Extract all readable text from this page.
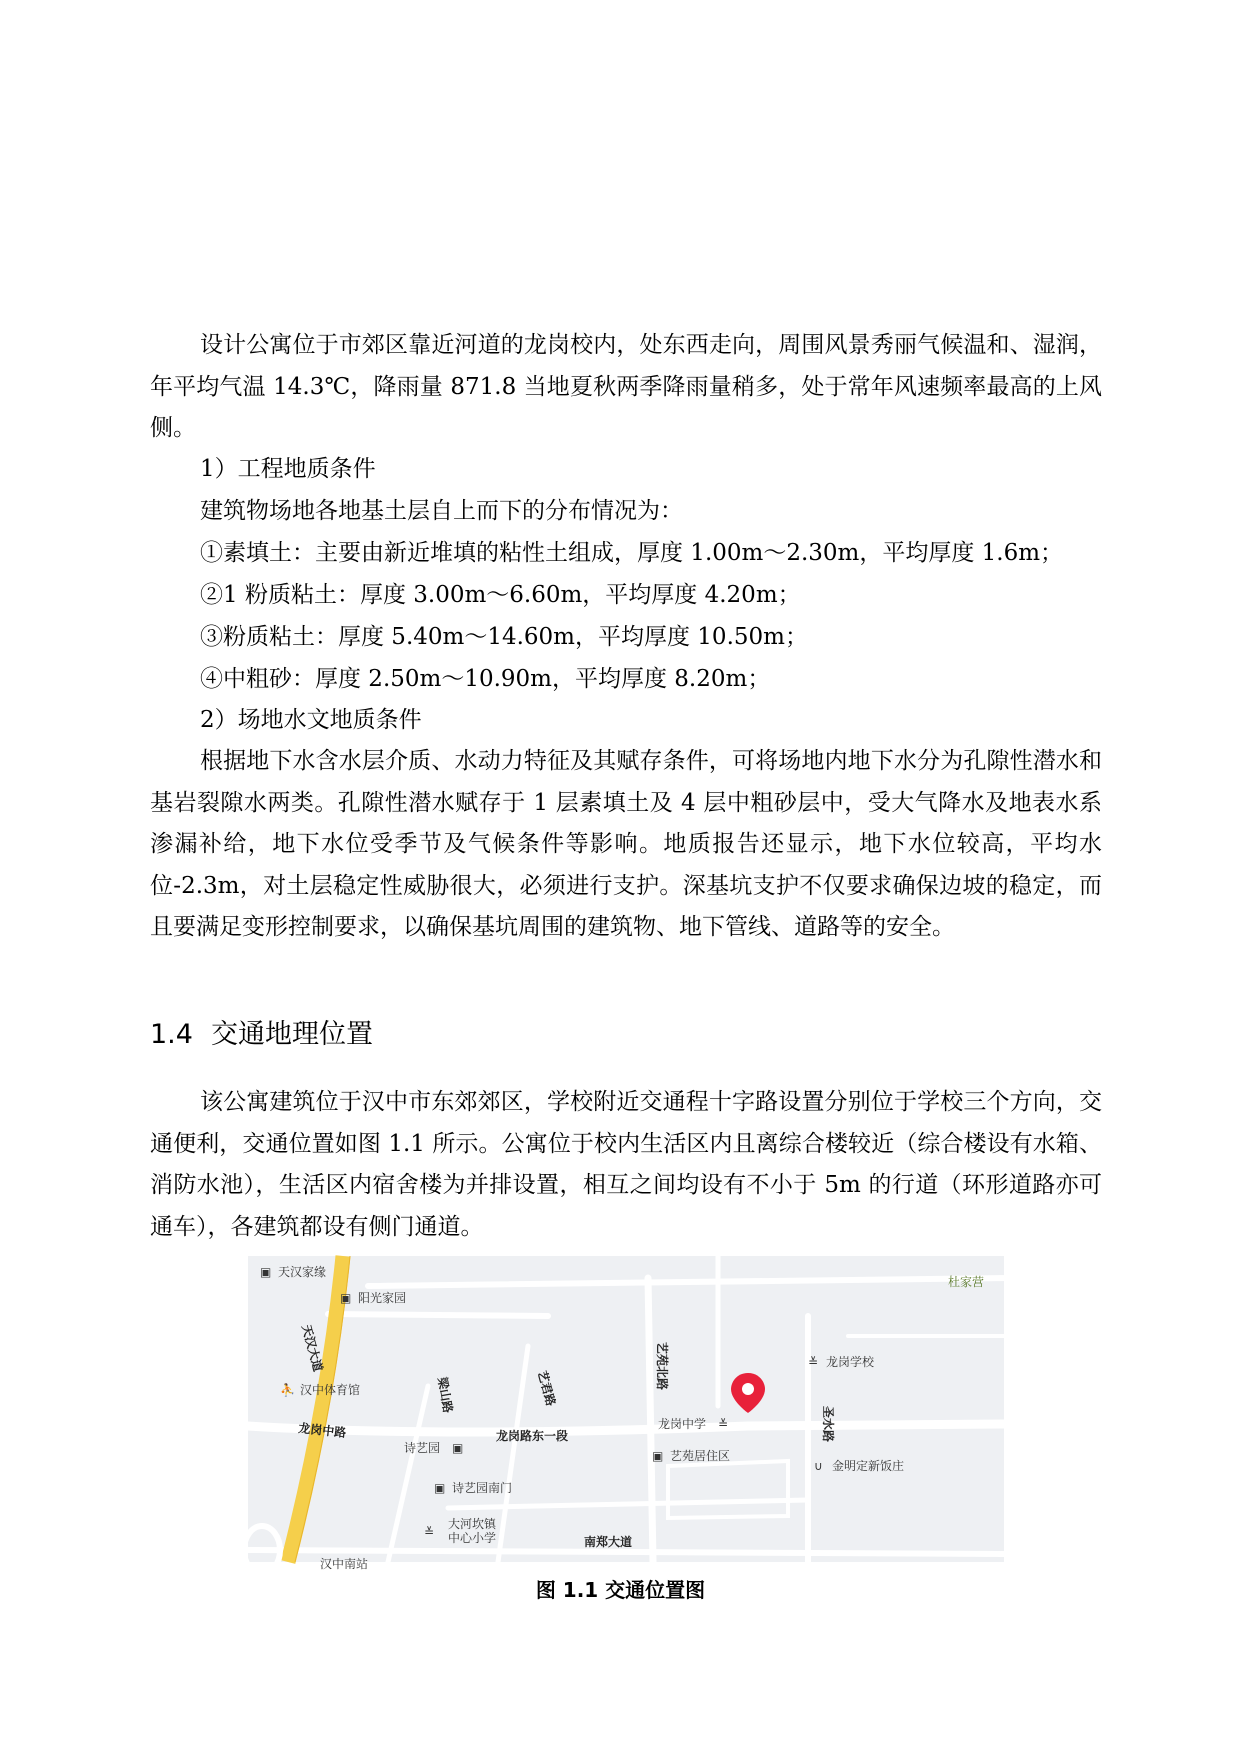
设计公寓位于市郊区靠近河道的龙岗校内，处东西走向，周围风景秀丽气候温和、湿润，年平均气温 14.3℃，降雨量 871.8 当地夏秋两季降雨量稍多，处于常年风速频率最高的上风侧。

1）工程地质条件

建筑物场地各地基土层自上而下的分布情况为：

①素填土：主要由新近堆填的粘性土组成，厚度 1.00m～2.30m，平均厚度 1.6m；

②1 粉质粘土：厚度 3.00m～6.60m，平均厚度 4.20m；

③粉质粘土：厚度 5.40m～14.60m，平均厚度 10.50m；

④中粗砂：厚度 2.50m～10.90m，平均厚度 8.20m；

2）场地水文地质条件

根据地下水含水层介质、水动力特征及其赋存条件，可将场地内地下水分为孔隙性潜水和基岩裂隙水两类。孔隙性潜水赋存于 1 层素填土及 4 层中粗砂层中，受大气降水及地表水系渗漏补给，地下水位受季节及气候条件等影响。地质报告还显示，地下水位较高，平均水位-2.3m，对土层稳定性威胁很大，必须进行支护。深基坑支护不仅要求确保边坡的稳定，而且要满足变形控制要求，以确保基坑周围的建筑物、地下管线、道路等的安全。

1.4 交通地理位置

该公寓建筑位于汉中市东郊郊区，学校附近交通程十字路设置分别位于学校三个方向，交通便利，交通位置如图 1.1 所示。公寓位于校内生活区内且离综合楼较近（综合楼设有水箱、消防水池），生活区内宿舍楼为并排设置，相互之间均设有不小于 5m 的行道（环形道路亦可通车），各建筑都设有侧门通道。

▣ 天汉家缘
▣ 阳光家园
杜家营
天汉大道	艺苑北路	≚ 龙岗学校
⛹ 汉中体育馆	梁山路	艺君路
龙岗中路	龙岗路东一段
龙岗中学 ≚	圣水路
诗艺园 ▣
▣ 艺苑居住区
∪ 金明定新饭庄
▣ 诗艺园南门
≚
大河坎镇
中心小学	南郑大道
汉中南站
图 1.1 交通位置图
